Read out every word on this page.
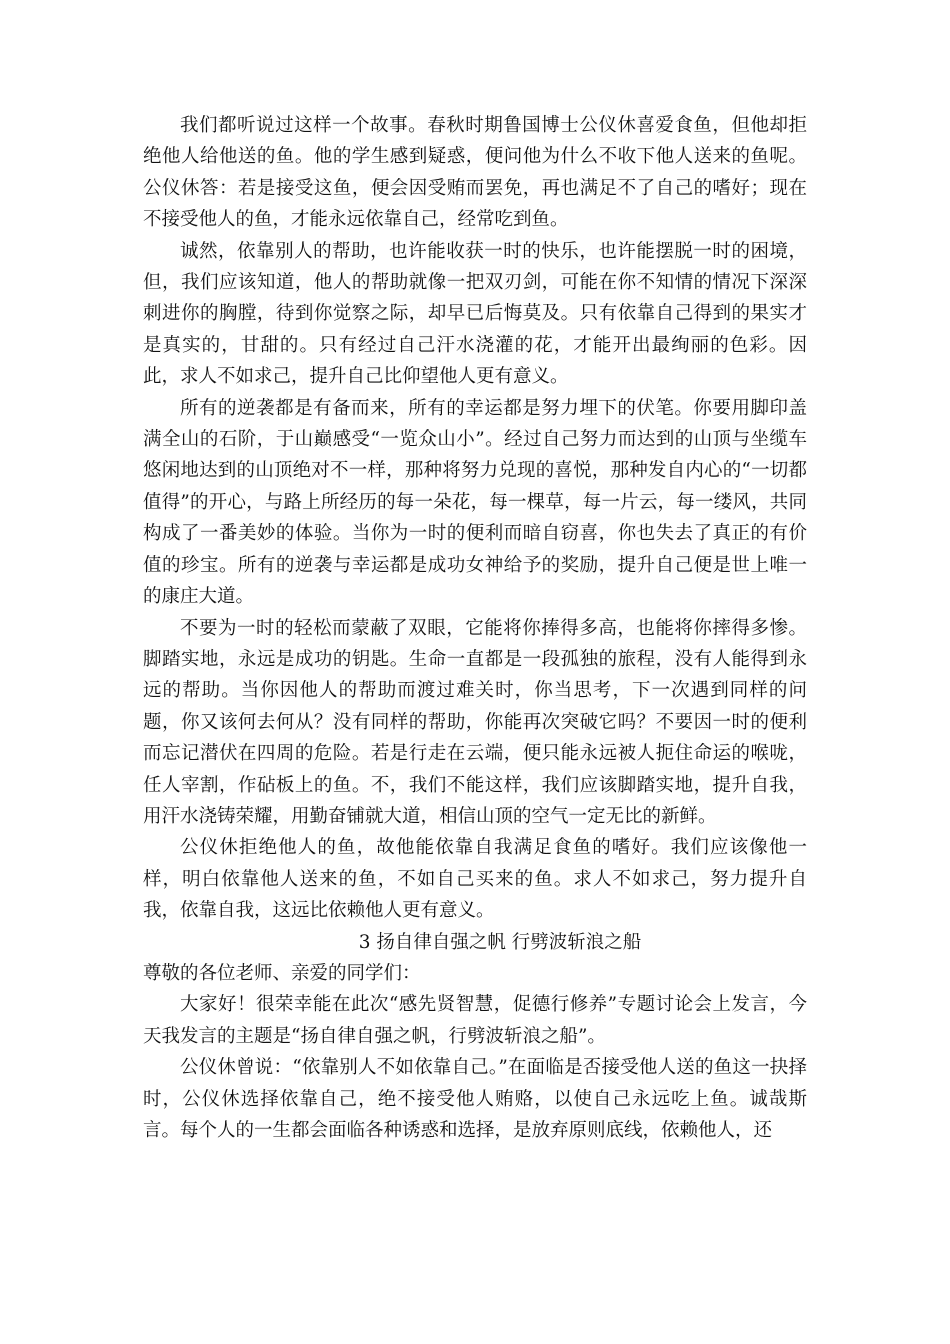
我们都听说过这样一个故事。春秋时期鲁国博士公仪休喜爱食鱼，但他却拒绝他人给他送的鱼。他的学生感到疑惑，便问他为什么不收下他人送来的鱼呢。公仪休答：若是接受这鱼，便会因受贿而罢免，再也满足不了自己的嗜好；现在不接受他人的鱼，才能永远依靠自己，经常吃到鱼。

诚然，依靠别人的帮助，也许能收获一时的快乐，也许能摆脱一时的困境，但，我们应该知道，他人的帮助就像一把双刃剑，可能在你不知情的情况下深深刺进你的胸膛，待到你觉察之际，却早已后悔莫及。只有依靠自己得到的果实才是真实的，甘甜的。只有经过自己汗水浇灌的花，才能开出最绚丽的色彩。因此，求人不如求己，提升自己比仰望他人更有意义。

所有的逆袭都是有备而来，所有的幸运都是努力埋下的伏笔。你要用脚印盖满全山的石阶，于山巅感受“一览众山小”。经过自己努力而达到的山顶与坐缆车悠闲地达到的山顶绝对不一样，那种将努力兑现的喜悦，那种发自内心的“一切都值得”的开心，与路上所经历的每一朵花，每一棵草，每一片云，每一缕风，共同构成了一番美妙的体验。当你为一时的便利而暗自窃喜，你也失去了真正的有价值的珍宝。所有的逆袭与幸运都是成功女神给予的奖励，提升自己便是世上唯一的康庄大道。

不要为一时的轻松而蒙蔽了双眼，它能将你捧得多高，也能将你摔得多惨。脚踏实地，永远是成功的钥匙。生命一直都是一段孤独的旅程，没有人能得到永远的帮助。当你因他人的帮助而渡过难关时，你当思考，下一次遇到同样的问题，你又该何去何从？没有同样的帮助，你能再次突破它吗？不要因一时的便利而忘记潜伏在四周的危险。若是行走在云端，便只能永远被人扼住命运的喉咙，任人宰割，作砧板上的鱼。不，我们不能这样，我们应该脚踏实地，提升自我，用汗水浇铸荣耀，用勤奋铺就大道，相信山顶的空气一定无比的新鲜。

公仪休拒绝他人的鱼，故他能依靠自我满足食鱼的嗜好。我们应该像他一样，明白依靠他人送来的鱼，不如自己买来的鱼。求人不如求己，努力提升自我，依靠自我，这远比依赖他人更有意义。

3 扬自律自强之帆 行劈波斩浪之船

尊敬的各位老师、亲爱的同学们：

大家好！很荣幸能在此次“感先贤智慧，促德行修养”专题讨论会上发言，今天我发言的主题是“扬自律自强之帆，行劈波斩浪之船”。

公仪休曾说：“依靠别人不如依靠自己。”在面临是否接受他人送的鱼这一抉择时，公仪休选择依靠自己，绝不接受他人贿赂，以使自己永远吃上鱼。诚哉斯言。每个人的一生都会面临各种诱惑和选择，是放弃原则底线，依赖他人，还
